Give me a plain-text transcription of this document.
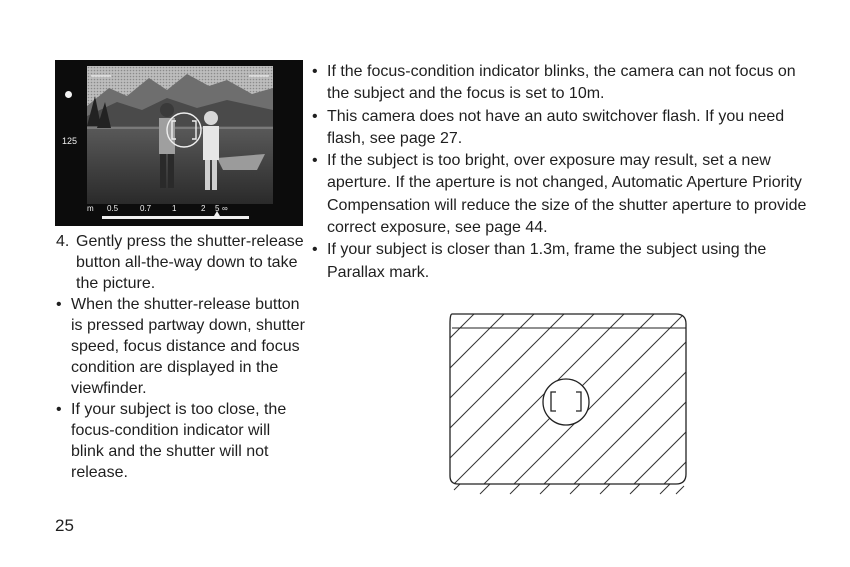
125
m 0.5	0.7	1	2 5 ∞
4. Gently press the shutter-release button all-the-way down to take the picture.
• When the shutter-release button is pressed partway down, shutter speed, focus distance and focus condition are displayed in the viewfinder.
• If your subject is too close, the focus-condition indicator will blink and the shutter will not release.
• If the focus-condition indicator blinks, the camera can not focus on the subject and the focus is set to 10m.
• This camera does not have an auto switchover flash. If you need flash, see page 27.
• If the subject is too bright, over exposure may result, set a new aperture. If the aperture is not changed, Automatic Aperture Priority Compensation will reduce the size of the shutter aperture to provide correct exposure, see page 44.
• If your subject is closer than 1.3m, frame the subject using the Parallax mark.
25
